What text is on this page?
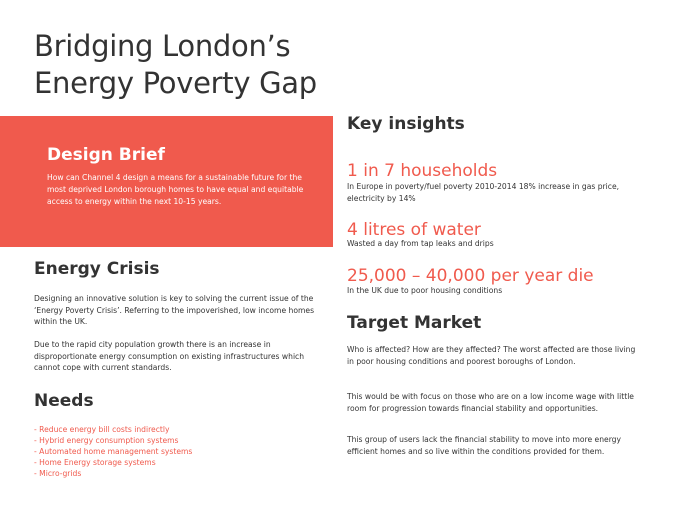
Bridging London’s
Energy Poverty Gap
Design Brief

How can Channel 4 design a means for a sustainable future for the most deprived London borough homes to have equal and equitable access to energy within the next 10-15 years.

Energy Crisis

Designing an innovative solution is key to solving the current issue of the ‘Energy Poverty Crisis’. Referring to the impoverished, low income homes within the UK.

Due to the rapid city population growth there is an increase in disproportionate energy consumption on existing infrastructures which cannot cope with current standards.

Needs
- Reduce energy bill costs indirectly
- Hybrid energy consumption systems
- Automated home management systems
- Home Energy storage systems
- Micro-grids
Key insights
1 in 7 households

In Europe in poverty/fuel poverty 2010-2014 18% increase in gas price, electricity by 14%

4 litres of water

Wasted a day from tap leaks and drips

25,000 – 40,000 per year die

In the UK due to poor housing conditions

Target Market

Who is affected? How are they affected? The worst affected are those living in poor housing conditions and poorest boroughs of London.

This would be with focus on those who are on a low income wage with little room for progression towards financial stability and opportunities.

This group of users lack the financial stability to move into more energy efficient homes and so live within the conditions provided for them.
